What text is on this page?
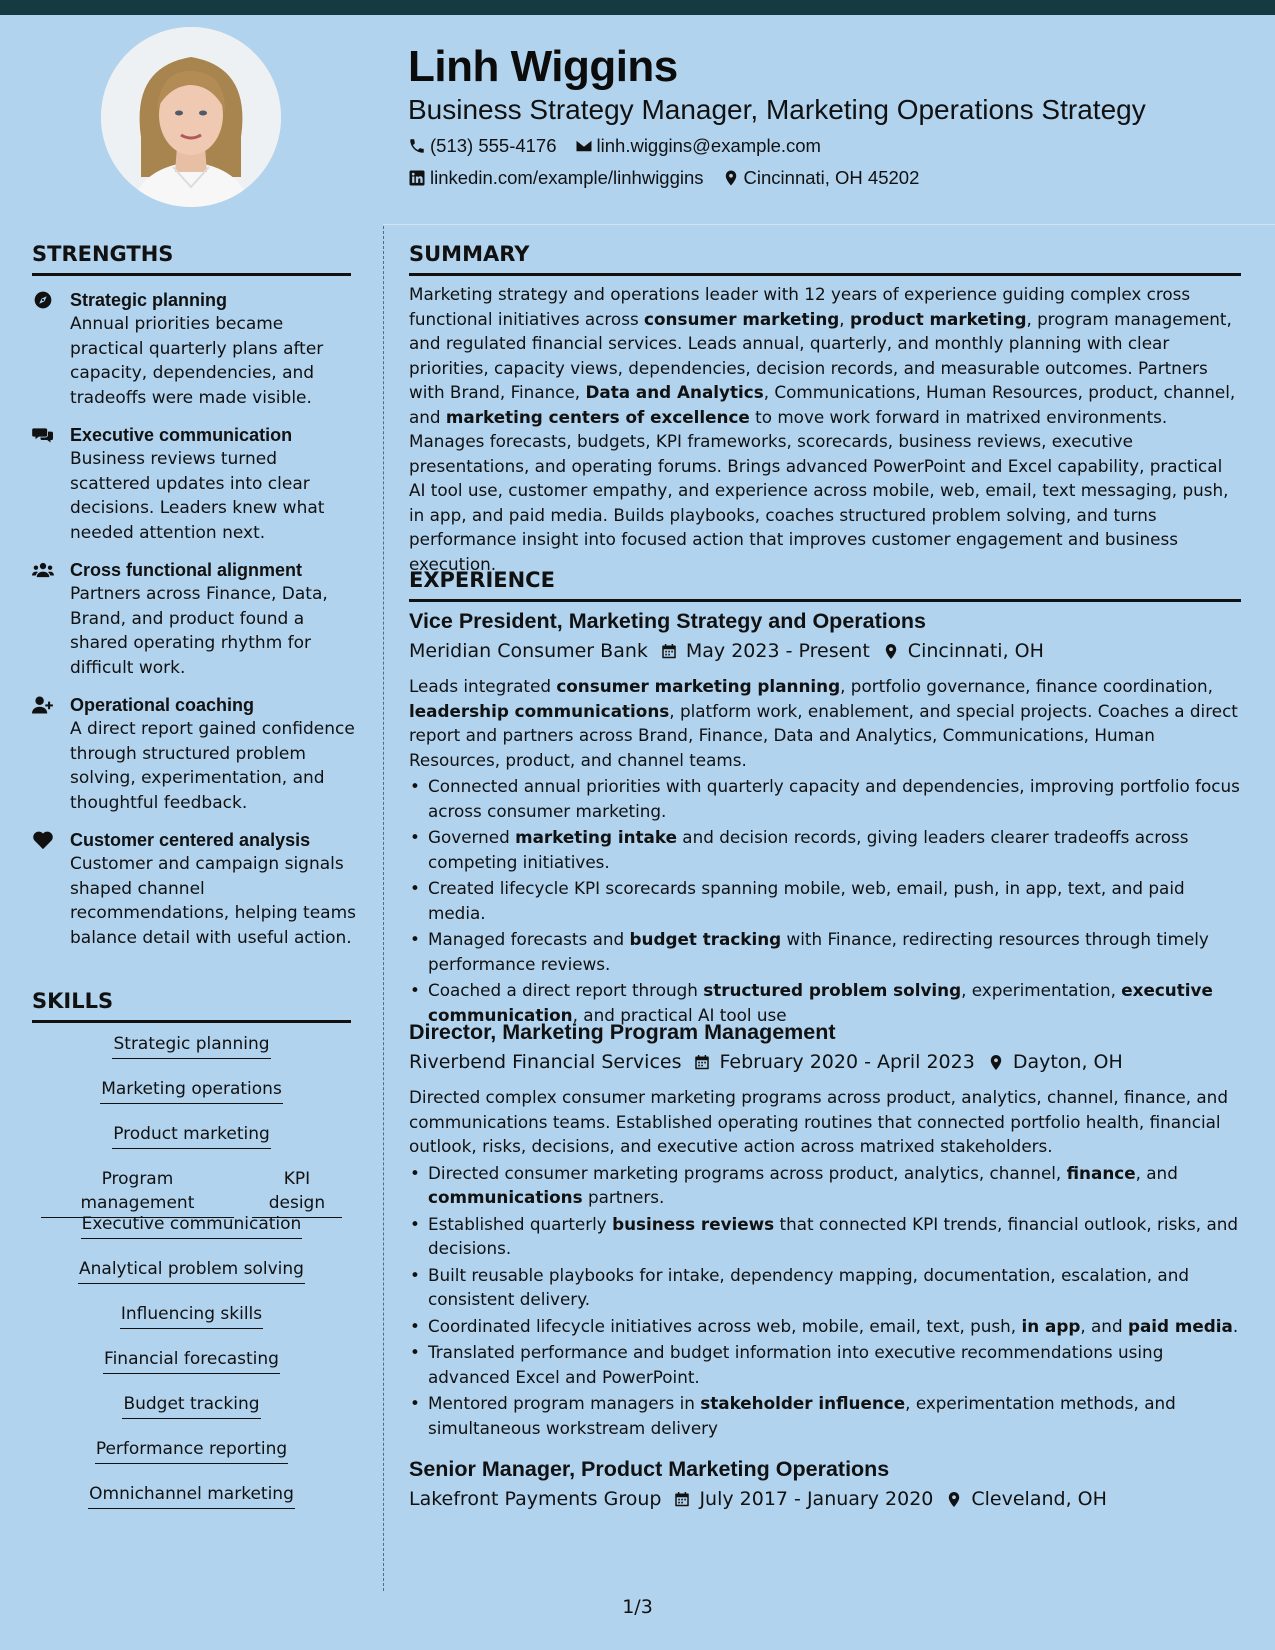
Linh Wiggins
Business Strategy Manager, Marketing Operations Strategy
(513) 555-4176 linh.wiggins@example.com
linkedin.com/example/linhwiggins Cincinnati, OH 45202
STRENGTHS
Strategic planning
Annual priorities became practical quarterly plans after capacity, dependencies, and tradeoffs were made visible.
Executive communication
Business reviews turned scattered updates into clear decisions. Leaders knew what needed attention next.
Cross functional alignment
Partners across Finance, Data, Brand, and product found a shared operating rhythm for difficult work.
Operational coaching
A direct report gained confidence through structured problem solving, experimentation, and thoughtful feedback.
Customer centered analysis
Customer and campaign signals shaped channel recommendations, helping teams balance detail with useful action.
SKILLS
Strategic planning
Marketing operations
Product marketing
Program management
KPI design
Executive communication
Analytical problem solving
Influencing skills
Financial forecasting
Budget tracking
Performance reporting
Omnichannel marketing
SUMMARY
Marketing strategy and operations leader with 12 years of experience guiding complex cross functional initiatives across consumer marketing, product marketing, program management, and regulated financial services. Leads annual, quarterly, and monthly planning with clear priorities, capacity views, dependencies, decision records, and measurable outcomes. Partners with Brand, Finance, Data and Analytics, Communications, Human Resources, product, channel, and marketing centers of excellence to move work forward in matrixed environments. Manages forecasts, budgets, KPI frameworks, scorecards, business reviews, executive presentations, and operating forums. Brings advanced PowerPoint and Excel capability, practical AI tool use, customer empathy, and experience across mobile, web, email, text messaging, push, in app, and paid media. Builds playbooks, coaches structured problem solving, and turns performance insight into focused action that improves customer engagement and business execution.
EXPERIENCE
Vice President, Marketing Strategy and Operations
Meridian Consumer Bank May 2023 - Present Cincinnati, OH
Leads integrated consumer marketing planning, portfolio governance, finance coordination, leadership communications, platform work, enablement, and special projects. Coaches a direct report and partners across Brand, Finance, Data and Analytics, Communications, Human Resources, product, and channel teams.
• Connected annual priorities with quarterly capacity and dependencies, improving portfolio focus across consumer marketing.
• Governed marketing intake and decision records, giving leaders clearer tradeoffs across competing initiatives.
• Created lifecycle KPI scorecards spanning mobile, web, email, push, in app, text, and paid media.
• Managed forecasts and budget tracking with Finance, redirecting resources through timely performance reviews.
• Coached a direct report through structured problem solving, experimentation, executive communication, and practical AI tool use
Director, Marketing Program Management
Riverbend Financial Services February 2020 - April 2023 Dayton, OH
Directed complex consumer marketing programs across product, analytics, channel, finance, and communications teams. Established operating routines that connected portfolio health, financial outlook, risks, decisions, and executive action across matrixed stakeholders.
• Directed consumer marketing programs across product, analytics, channel, finance, and communications partners.
• Established quarterly business reviews that connected KPI trends, financial outlook, risks, and decisions.
• Built reusable playbooks for intake, dependency mapping, documentation, escalation, and consistent delivery.
• Coordinated lifecycle initiatives across web, mobile, email, text, push, in app, and paid media.
• Translated performance and budget information into executive recommendations using advanced Excel and PowerPoint.
• Mentored program managers in stakeholder influence, experimentation methods, and simultaneous workstream delivery
Senior Manager, Product Marketing Operations
Lakefront Payments Group July 2017 - January 2020 Cleveland, OH
1/3
